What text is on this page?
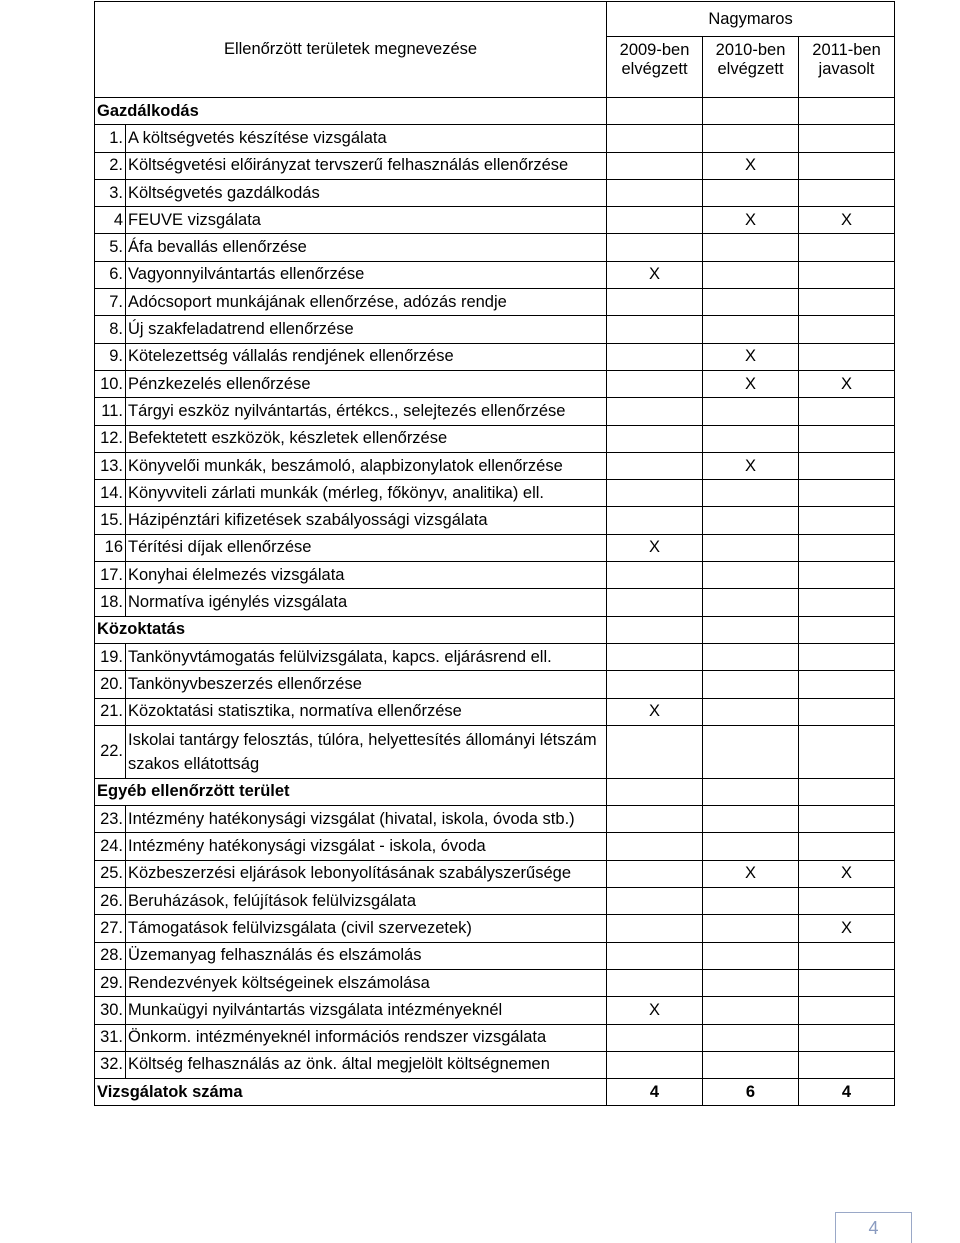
Ellenőrzött területek megnevezése		Nagymaros		
		2009-ben elvégzett	2010-ben elvégzett	2011-ben javasolt
Gazdálkodás				
1.	A költségvetés készítése vizsgálata			
2.	Költségvetési előirányzat tervszerű felhasználás ellenőrzése		X	
3.	Költségvetés gazdálkodás			
4	FEUVE vizsgálata		X	X
5.	Áfa bevallás ellenőrzése			
6.	Vagyonnyilvántartás ellenőrzése	X		
7.	Adócsoport munkájának ellenőrzése, adózás rendje			
8.	Új szakfeladatrend ellenőrzése			
9.	Kötelezettség vállalás rendjének ellenőrzése		X	
10.	Pénzkezelés ellenőrzése		X	X
11.	Tárgyi eszköz nyilvántartás, értékcs., selejtezés ellenőrzése			
12.	Befektetett eszközök, készletek ellenőrzése			
13.	Könyvelői munkák, beszámoló, alapbizonylatok ellenőrzése		X	
14.	Könyvviteli zárlati munkák (mérleg, főkönyv, analitika) ell.			
15.	Házipénztári kifizetések szabályossági vizsgálata			
16	Térítési díjak ellenőrzése	X		
17.	Konyhai élelmezés vizsgálata			
18.	Normatíva igénylés vizsgálata			
Közoktatás				
19.	Tankönyvtámogatás felülvizsgálata, kapcs. eljárásrend ell.			
20.	Tankönyvbeszerzés ellenőrzése			
21.	Közoktatási statisztika, normatíva ellenőrzése	X		
22.	Iskolai tantárgy felosztás, túlóra, helyettesítés állományi létszám szakos ellátottság			
Egyéb ellenőrzött terület				
23.	Intézmény hatékonysági vizsgálat (hivatal, iskola, óvoda stb.)			
24.	Intézmény hatékonysági vizsgálat - iskola, óvoda			
25.	Közbeszerzési eljárások lebonyolításának szabályszerűsége		X	X
26.	Beruházások, felújítások felülvizsgálata			
27.	Támogatások felülvizsgálata (civil szervezetek)			X
28.	Üzemanyag felhasználás és elszámolás			
29.	Rendezvények költségeinek elszámolása			
30.	Munkaügyi nyilvántartás vizsgálata intézményeknél	X		
31.	Önkorm. intézményeknél információs rendszer vizsgálata			
32.	Költség felhasználás az önk. által megjelölt költségnemen			
Vizsgálatok száma		4	6	4
4
